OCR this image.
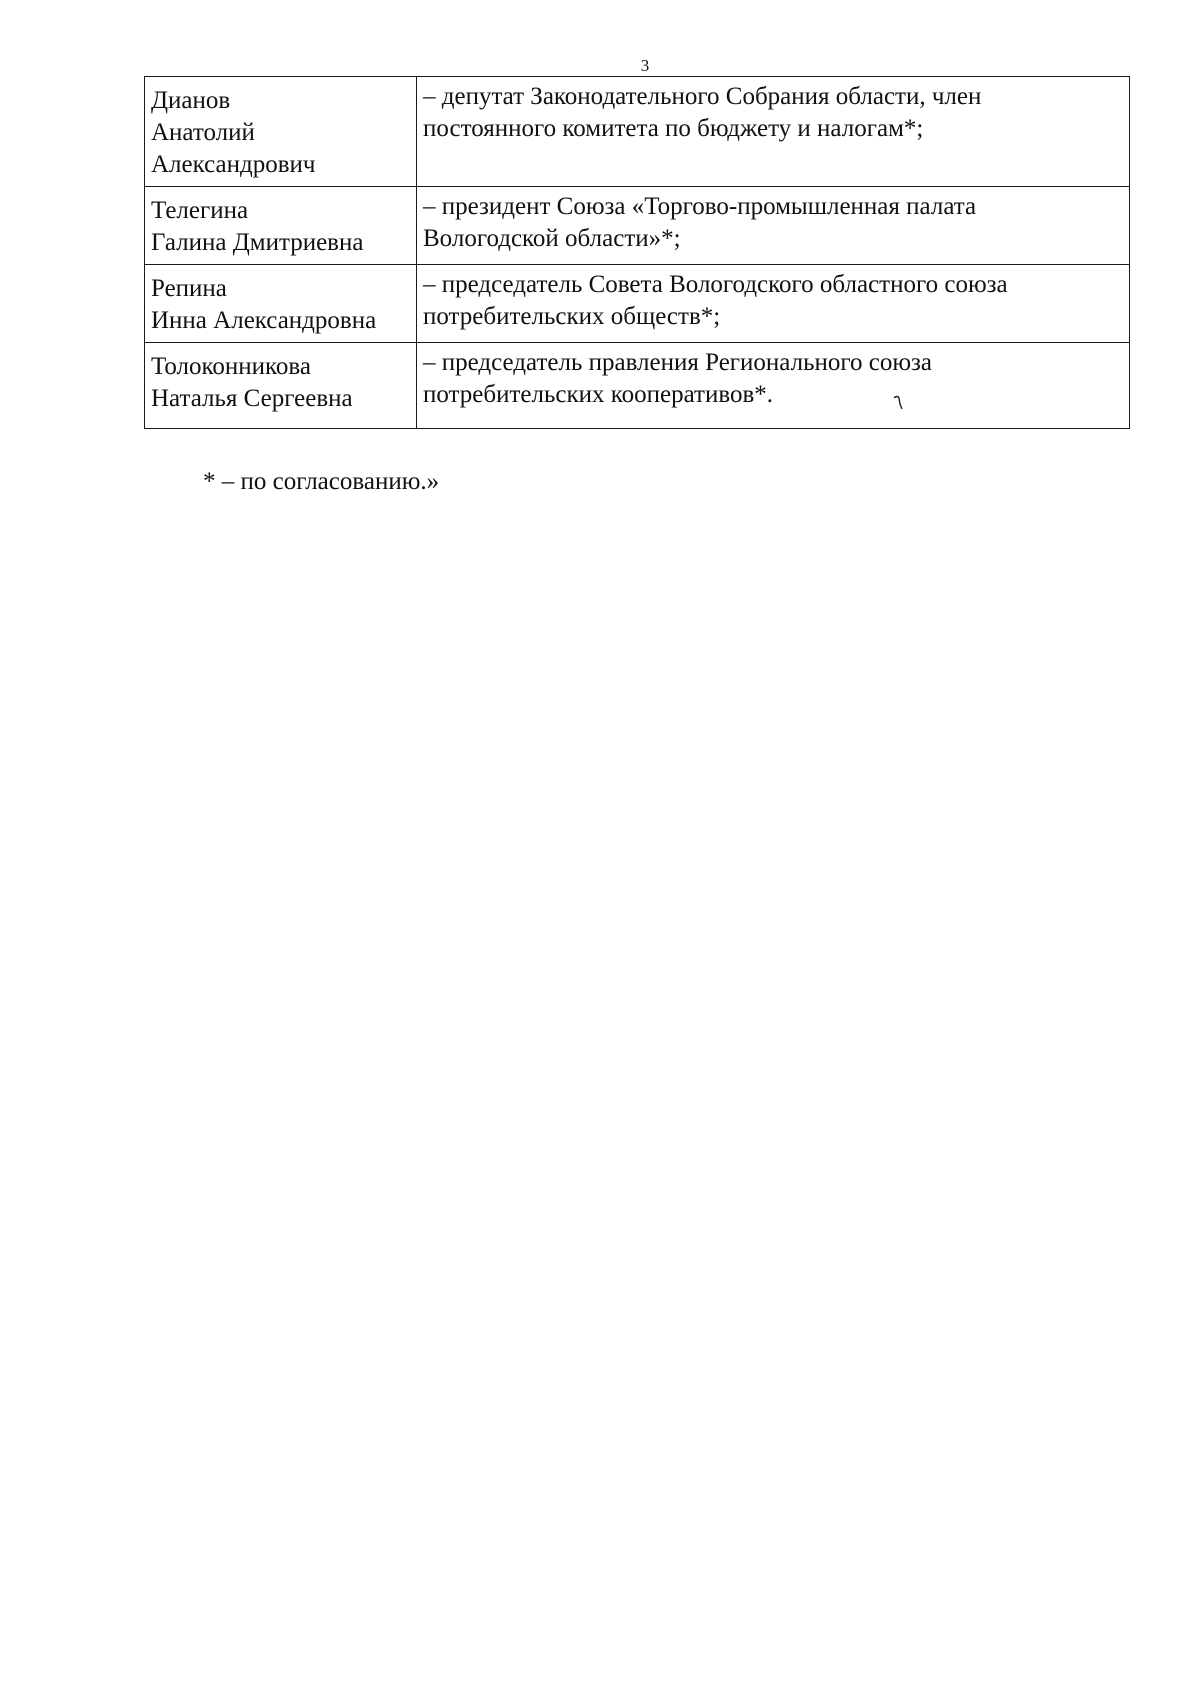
3
Дианов
Анатолий
Александрович	– депутат Законодательного Собрания области, член
постоянного комитета по бюджету и налогам*;

Телегина
Галина Дмитриевна	– президент Союза «Торгово-промышленная палата
Вологодской области»*;

Репина
Инна Александровна	– председатель Совета Вологодского областного союза
потребительских обществ*;

Толоконникова
Наталья Сергеевна	– председатель правления Регионального союза
потребительских кооперативов*.
* – по согласованию.»
